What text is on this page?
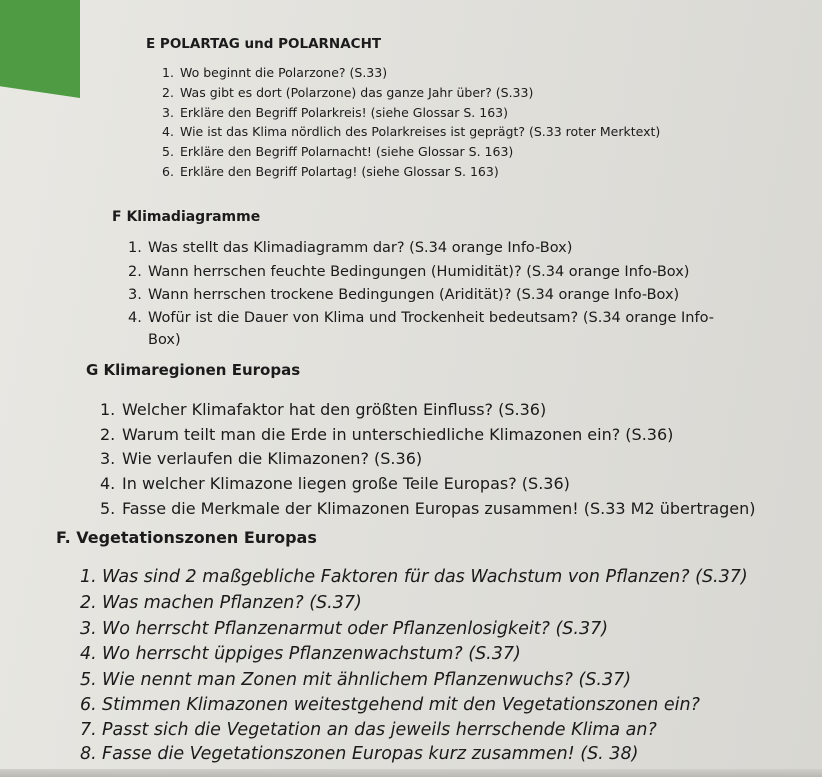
E POLARTAG und POLARNACHT
1. Wo beginnt die Polarzone? (S.33)
2. Was gibt es dort (Polarzone) das ganze Jahr über? (S.33)
3. Erkläre den Begriff Polarkreis! (siehe Glossar S. 163)
4. Wie ist das Klima nördlich des Polarkreises ist geprägt? (S.33 roter Merktext)
5. Erkläre den Begriff Polarnacht! (siehe Glossar S. 163)
6. Erkläre den Begriff Polartag! (siehe Glossar S. 163)
F Klimadiagramme
1. Was stellt das Klimadiagramm dar? (S.34 orange Info-Box)
2. Wann herrschen feuchte Bedingungen (Humidität)? (S.34 orange Info-Box)
3. Wann herrschen trockene Bedingungen (Aridität)? (S.34 orange Info-Box)
4. Wofür ist die Dauer von Klima und Trockenheit bedeutsam? (S.34 orange Info-
Box)
G Klimaregionen Europas
1. Welcher Klimafaktor hat den größten Einfluss? (S.36)
2. Warum teilt man die Erde in unterschiedliche Klimazonen ein? (S.36)
3. Wie verlaufen die Klimazonen? (S.36)
4. In welcher Klimazone liegen große Teile Europas? (S.36)
5. Fasse die Merkmale der Klimazonen Europas zusammen! (S.33 M2 übertragen)
F. Vegetationszonen Europas
1. Was sind 2 maßgebliche Faktoren für das Wachstum von Pflanzen? (S.37)
2. Was machen Pflanzen? (S.37)
3. Wo herrscht Pflanzenarmut oder Pflanzenlosigkeit? (S.37)
4. Wo herrscht üppiges Pflanzenwachstum? (S.37)
5. Wie nennt man Zonen mit ähnlichem Pflanzenwuchs? (S.37)
6. Stimmen Klimazonen weitestgehend mit den Vegetationszonen ein?
7. Passt sich die Vegetation an das jeweils herrschende Klima an?
8. Fasse die Vegetationszonen Europas kurz zusammen! (S. 38)
